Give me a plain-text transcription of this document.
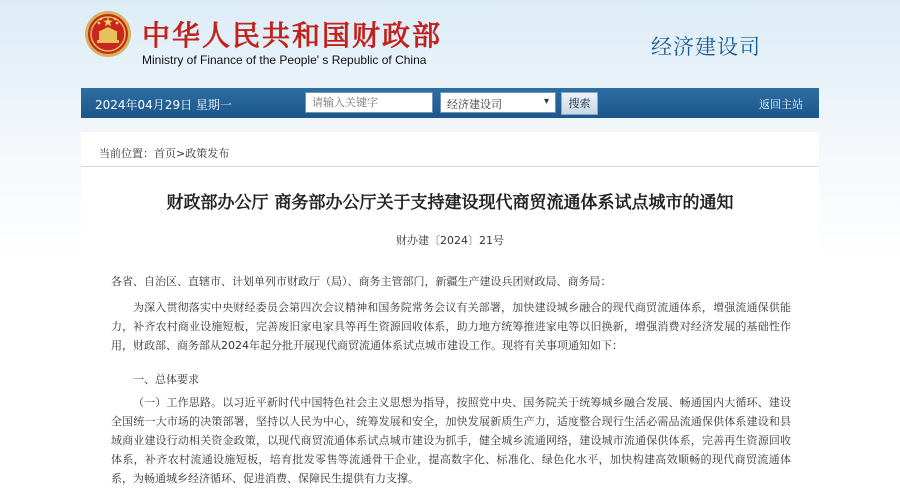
中华人民共和国财政部
Ministry of Finance of the People' s Republic of China
经济建设司
2024年04月29日 星期一
请输入关键字	经济建设司	▾	搜索	返回主站
当前位置：首页>政策发布
财政部办公厅 商务部办公厅关于支持建设现代商贸流通体系试点城市的通知
财办建〔2024〕21号

各省、自治区、直辖市、计划单列市财政厅（局）、商务主管部门，新疆生产建设兵团财政局、商务局：

为深入贯彻落实中央财经委员会第四次会议精神和国务院常务会议有关部署，加快建设城乡融合的现代商贸流通体系，增强流通保供能力，补齐农村商业设施短板，完善废旧家电家具等再生资源回收体系，助力地方统筹推进家电等以旧换新，增强消费对经济发展的基础性作用，财政部、商务部从2024年起分批开展现代商贸流通体系试点城市建设工作。现将有关事项通知如下：

一、总体要求

（一）工作思路。以习近平新时代中国特色社会主义思想为指导，按照党中央、国务院关于统筹城乡融合发展、畅通国内大循环、建设全国统一大市场的决策部署，坚持以人民为中心，统筹发展和安全，加快发展新质生产力，适度整合现行生活必需品流通保供体系建设和县域商业建设行动相关资金政策，以现代商贸流通体系试点城市建设为抓手，健全城乡流通网络，建设城市流通保供体系，完善再生资源回收体系，补齐农村流通设施短板，培育批发零售等流通骨干企业，提高数字化、标准化、绿色化水平，加快构建高效顺畅的现代商贸流通体系，为畅通城乡经济循环、促进消费、保障民生提供有力支撑。
